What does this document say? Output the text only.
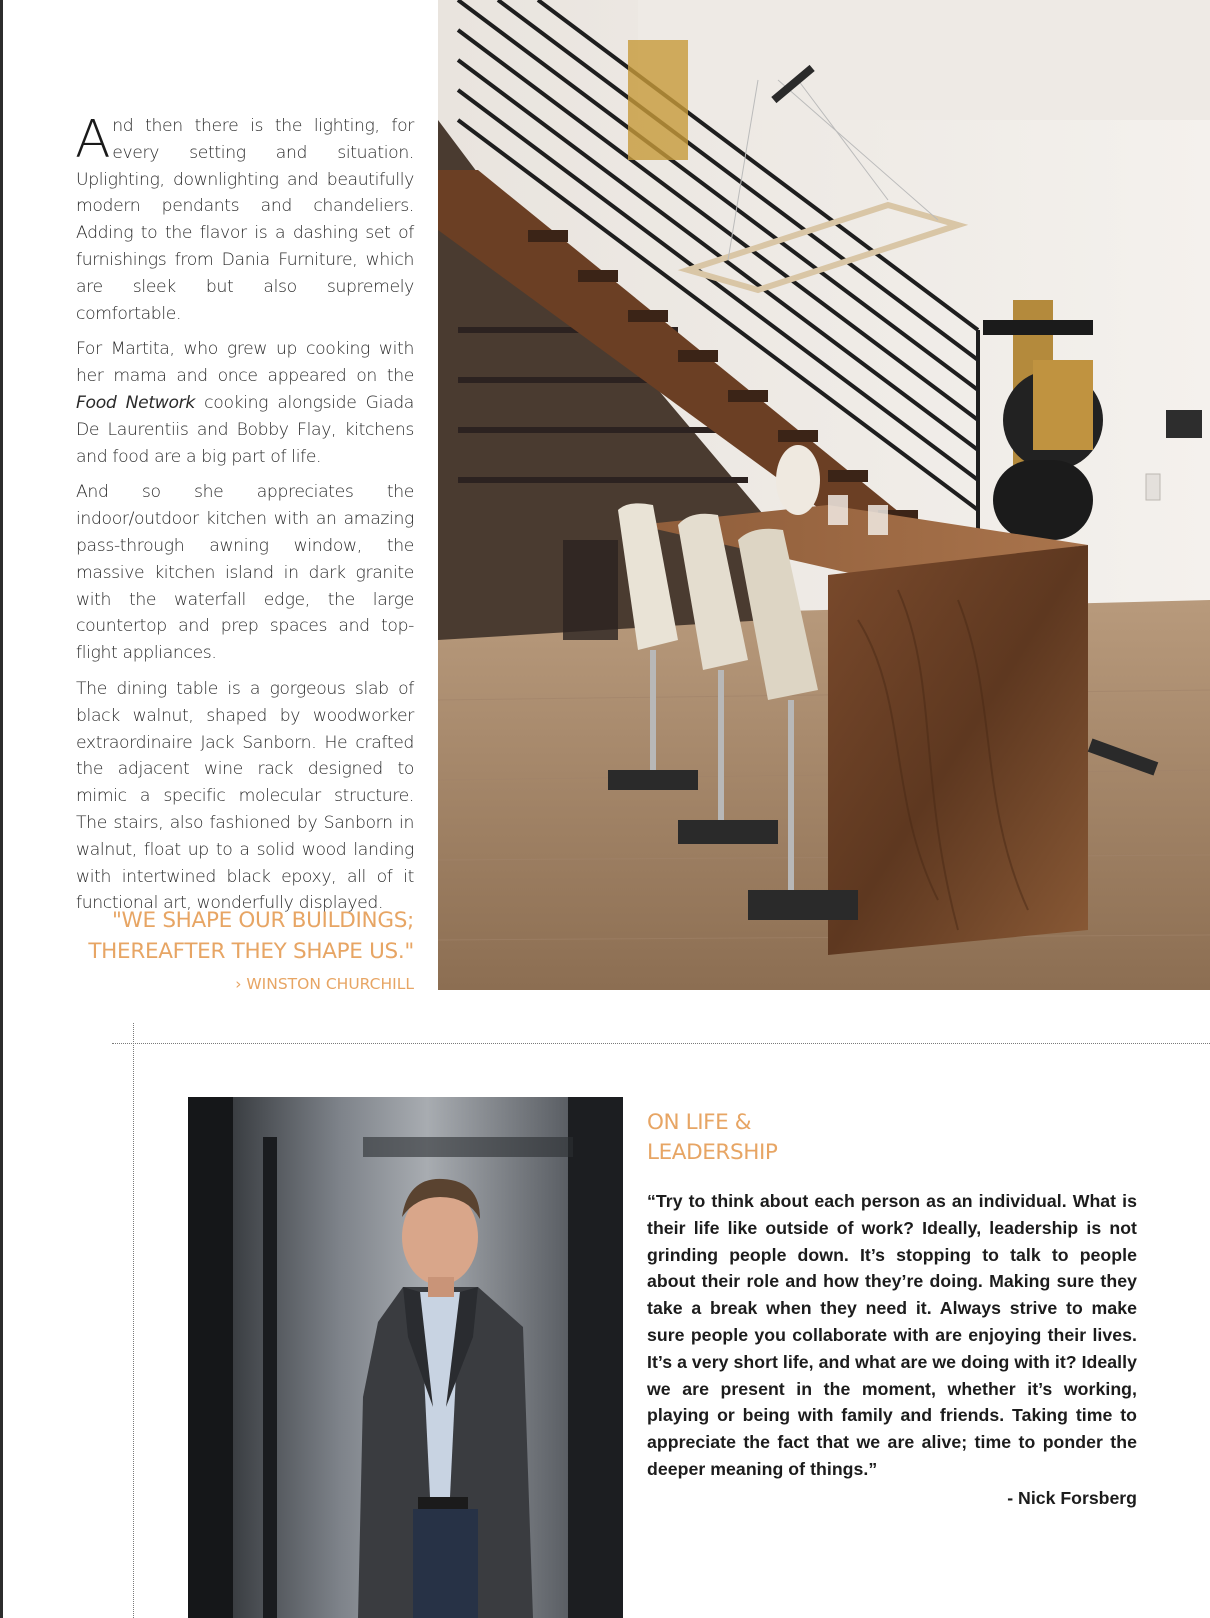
And then there is the lighting, for every setting and situation. Uplighting, downlighting and beautifully modern pendants and chandeliers. Adding to the flavor is a dashing set of furnishings from Dania Furniture, which are sleek but also supremely comfortable.

For Martita, who grew up cooking with her mama and once appeared on the Food Network cooking alongside Giada De Laurentiis and Bobby Flay, kitchens and food are a big part of life.

And so she appreciates the indoor/outdoor kitchen with an amazing pass-through awning window, the massive kitchen island in dark granite with the waterfall edge, the large countertop and prep spaces and top-flight appliances.

The dining table is a gorgeous slab of black walnut, shaped by woodworker extraordinaire Jack Sanborn. He crafted the adjacent wine rack designed to mimic a specific molecular structure. The stairs, also fashioned by Sanborn in walnut, float up to a solid wood landing with intertwined black epoxy, all of it functional art, wonderfully displayed.

"WE SHAPE OUR BUILDINGS;
THEREAFTER THEY SHAPE US."
› WINSTON CHURCHILL
ON LIFE &
LEADERSHIP

“Try to think about each person as an individual. What is their life like outside of work? Ideally, leadership is not grinding people down. It’s stopping to talk to people about their role and how they’re doing. Making sure they take a break when they need it. Always strive to make sure people you collaborate with are enjoying their lives. It’s a very short life, and what are we doing with it? Ideally we are present in the moment, whether it’s working, playing or being with family and friends. Taking time to appreciate the fact that we are alive; time to ponder the deeper meaning of things.”

- Nick Forsberg
